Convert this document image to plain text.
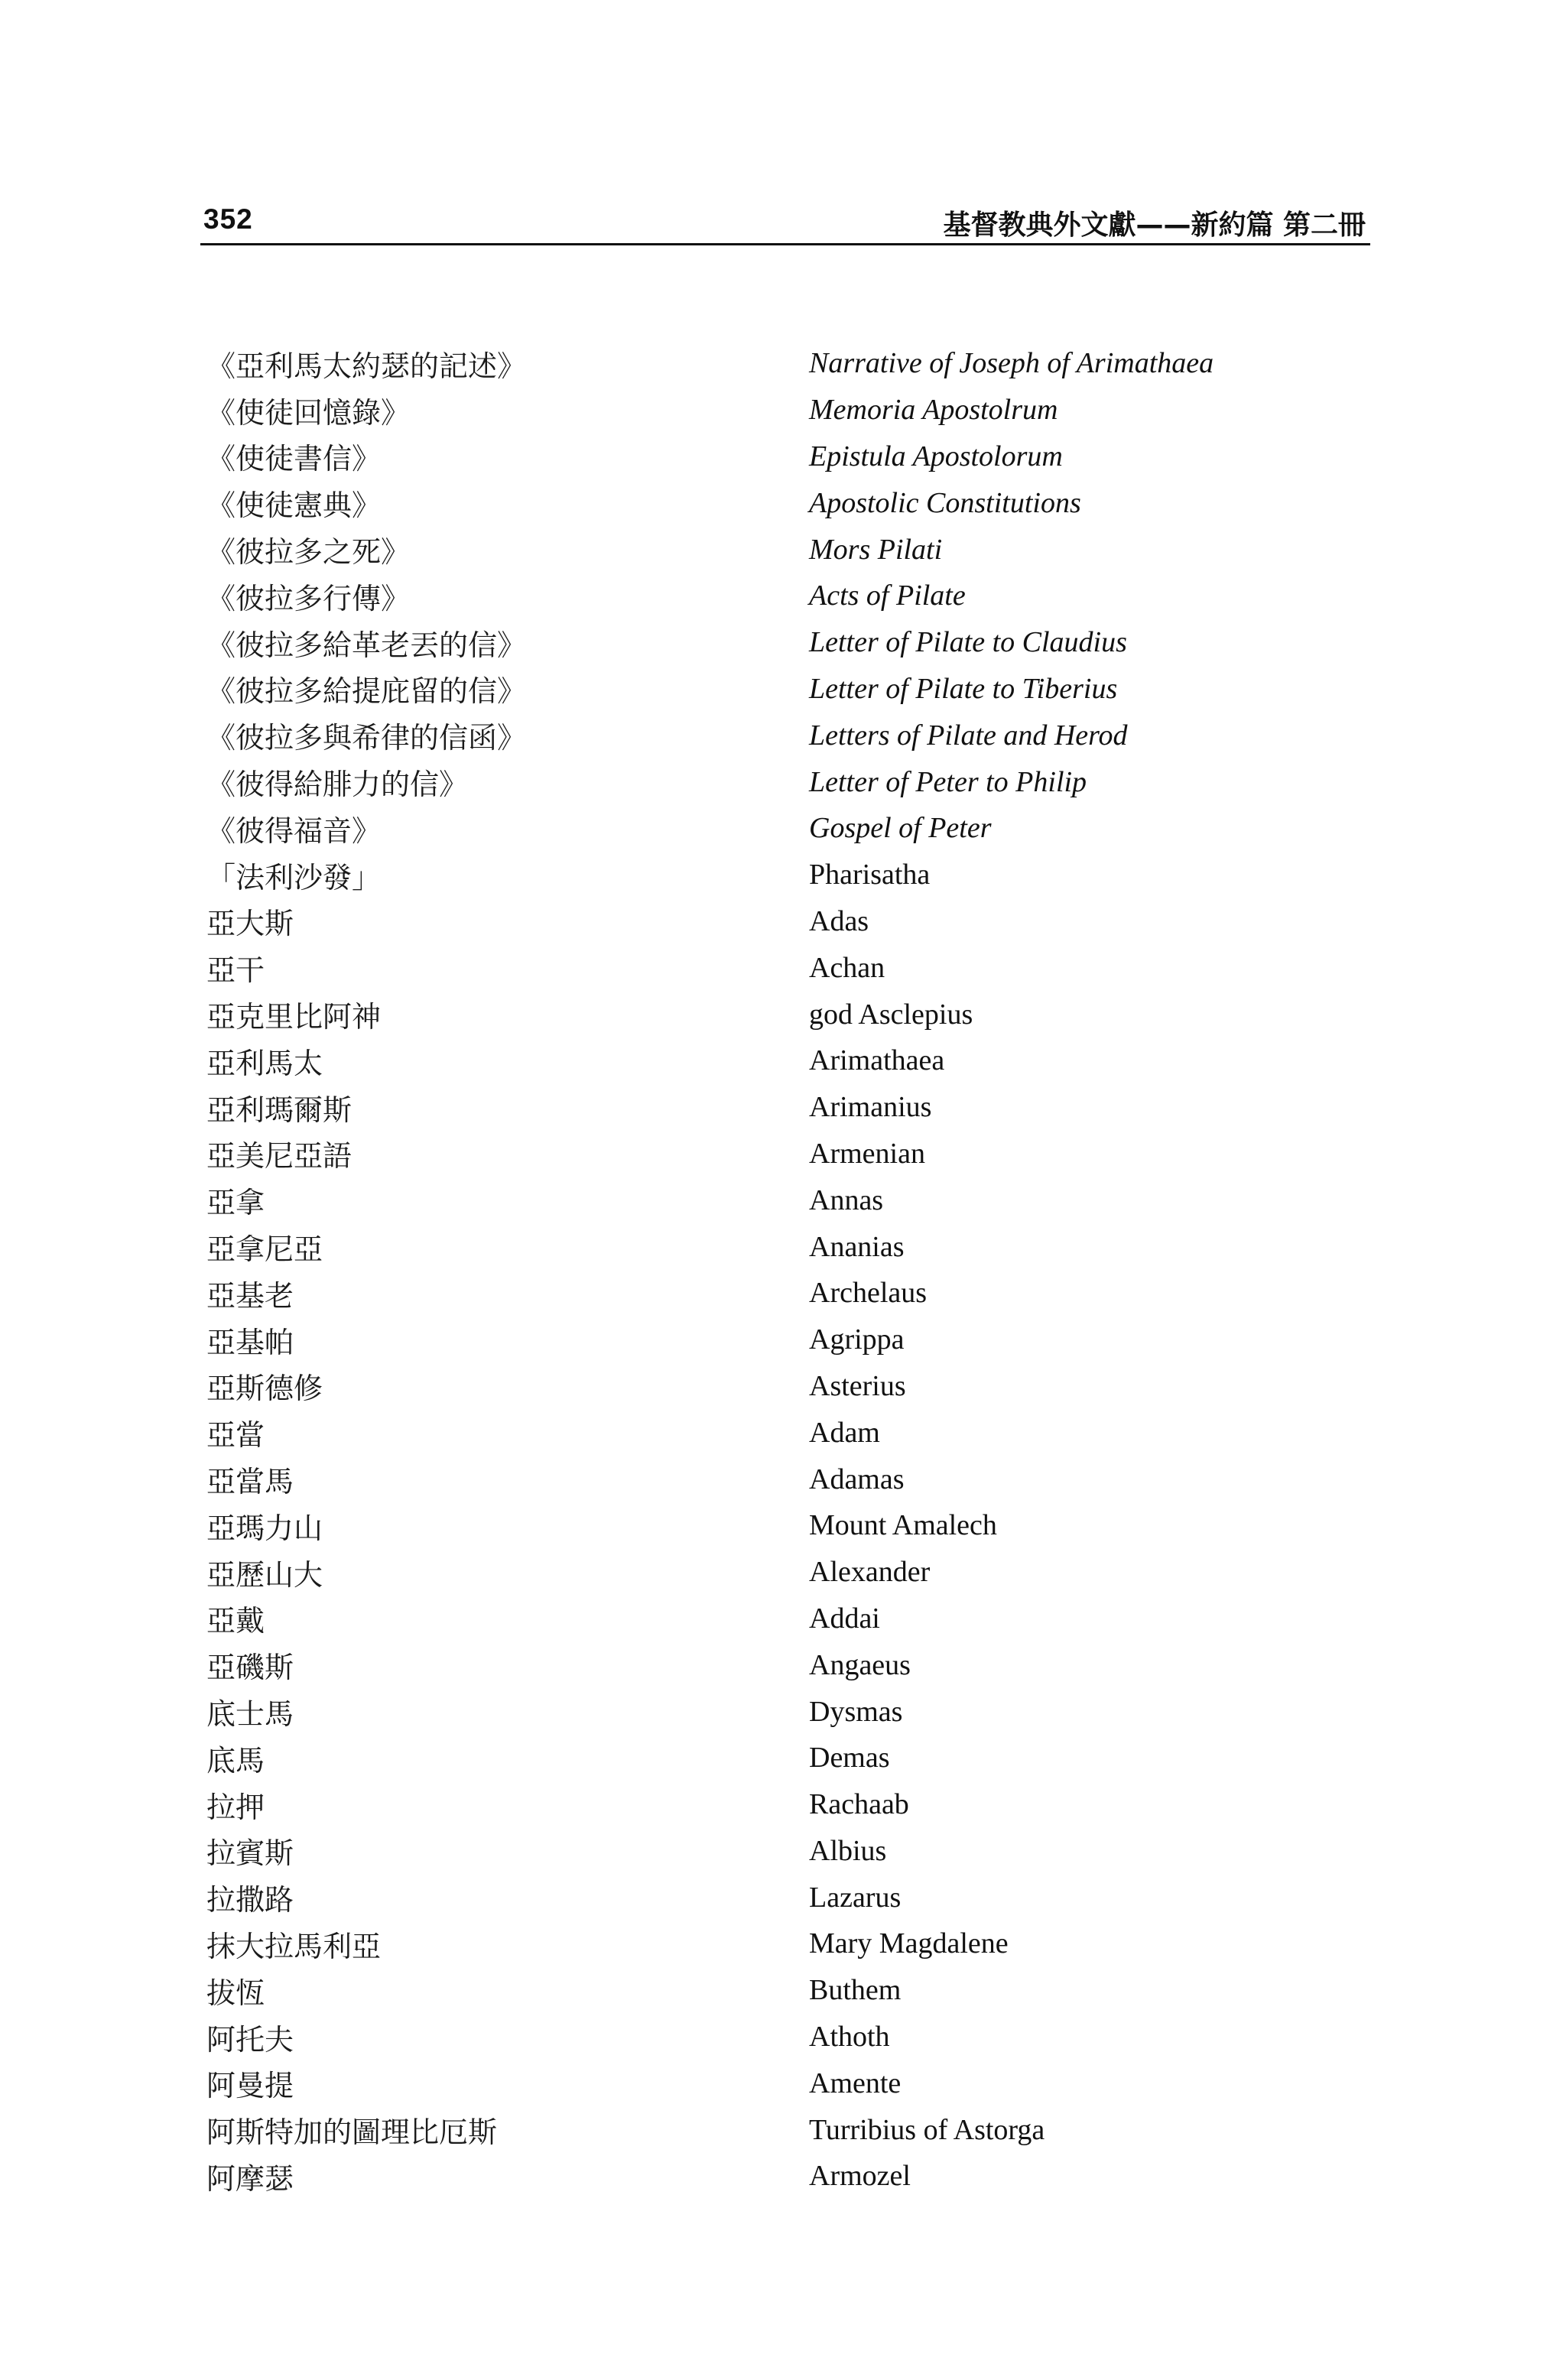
352	基督教典外文獻——新約篇 第二冊
《亞利馬太約瑟的記述》	Narrative of Joseph of Arimathaea
《使徒回憶錄》	Memoria Apostolrum
《使徒書信》	Epistula Apostolorum
《使徒憲典》	Apostolic Constitutions
《彼拉多之死》	Mors Pilati
《彼拉多行傳》	Acts of Pilate
《彼拉多給革老丟的信》	Letter of Pilate to Claudius
《彼拉多給提庇留的信》	Letter of Pilate to Tiberius
《彼拉多與希律的信函》	Letters of Pilate and Herod
《彼得給腓力的信》	Letter of Peter to Philip
《彼得福音》	Gospel of Peter
「法利沙發」	Pharisatha
亞大斯	Adas
亞干	Achan
亞克里比阿神	god Asclepius
亞利馬太	Arimathaea
亞利瑪爾斯	Arimanius
亞美尼亞語	Armenian
亞拿	Annas
亞拿尼亞	Ananias
亞基老	Archelaus
亞基帕	Agrippa
亞斯德修	Asterius
亞當	Adam
亞當馬	Adamas
亞瑪力山	Mount Amalech
亞歷山大	Alexander
亞戴	Addai
亞磯斯	Angaeus
底士馬	Dysmas
底馬	Demas
拉押	Rachaab
拉賓斯	Albius
拉撒路	Lazarus
抹大拉馬利亞	Mary Magdalene
拔恆	Buthem
阿托夫	Athoth
阿曼提	Amente
阿斯特加的圖理比厄斯	Turribius of Astorga
阿摩瑟	Armozel
